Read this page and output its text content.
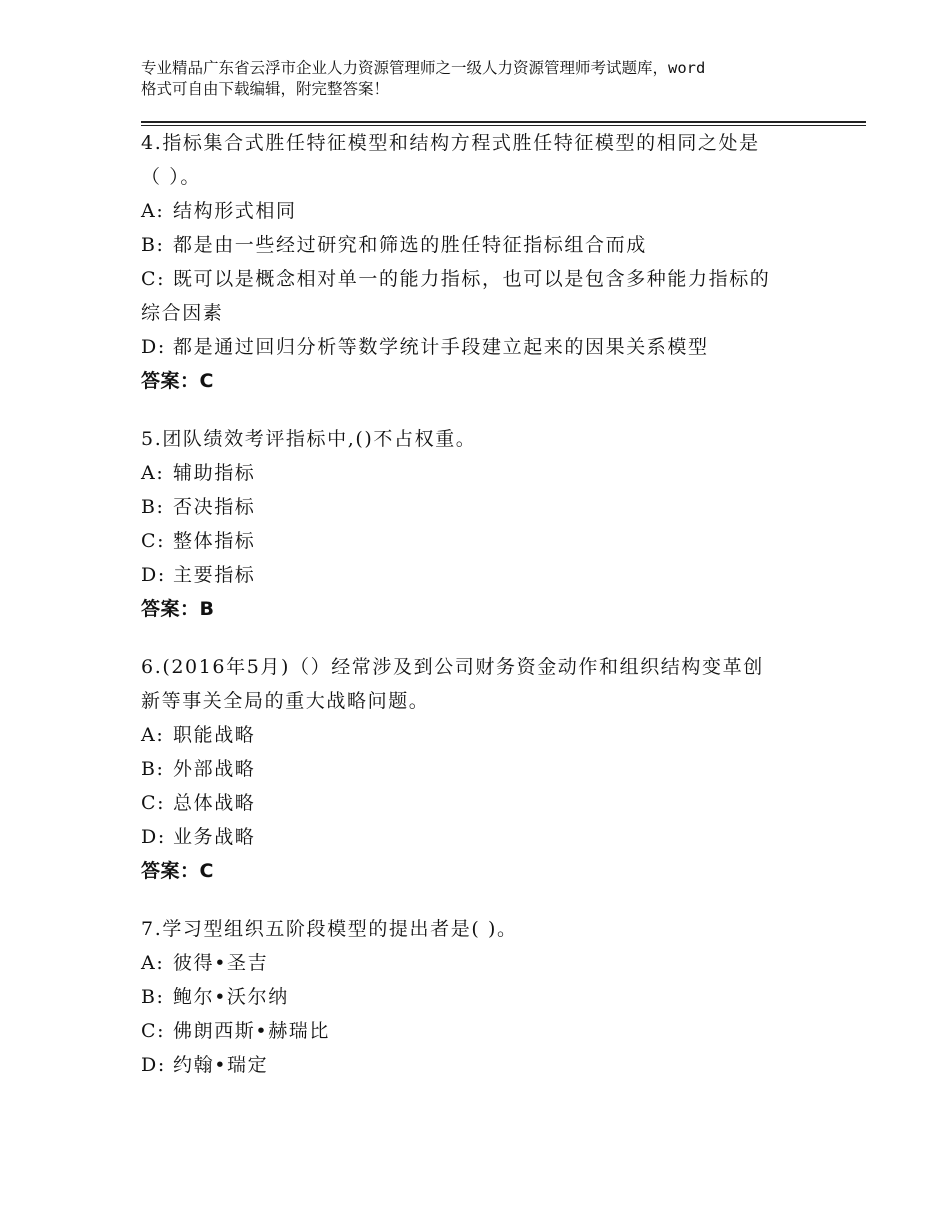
专业精品广东省云浮市企业人力资源管理师之一级人力资源管理师考试题库，word
格式可自由下载编辑，附完整答案！

4.指标集合式胜任特征模型和结构方程式胜任特征模型的相同之处是

（ ）。

A: 结构形式相同

B: 都是由一些经过研究和筛选的胜任特征指标组合而成

C: 既可以是概念相对单一的能力指标，也可以是包含多种能力指标的

综合因素

D: 都是通过回归分析等数学统计手段建立起来的因果关系模型

答案：C

5.团队绩效考评指标中,()不占权重。

A: 辅助指标

B: 否决指标

C: 整体指标

D: 主要指标

答案：B

6.(2016年5月)（）经常涉及到公司财务资金动作和组织结构变革创

新等事关全局的重大战略问题。

A: 职能战略

B: 外部战略

C: 总体战略

D: 业务战略

答案：C

7.学习型组织五阶段模型的提出者是( )。

A: 彼得•圣吉

B: 鲍尔•沃尔纳

C: 佛朗西斯•赫瑞比

D: 约翰•瑞定
